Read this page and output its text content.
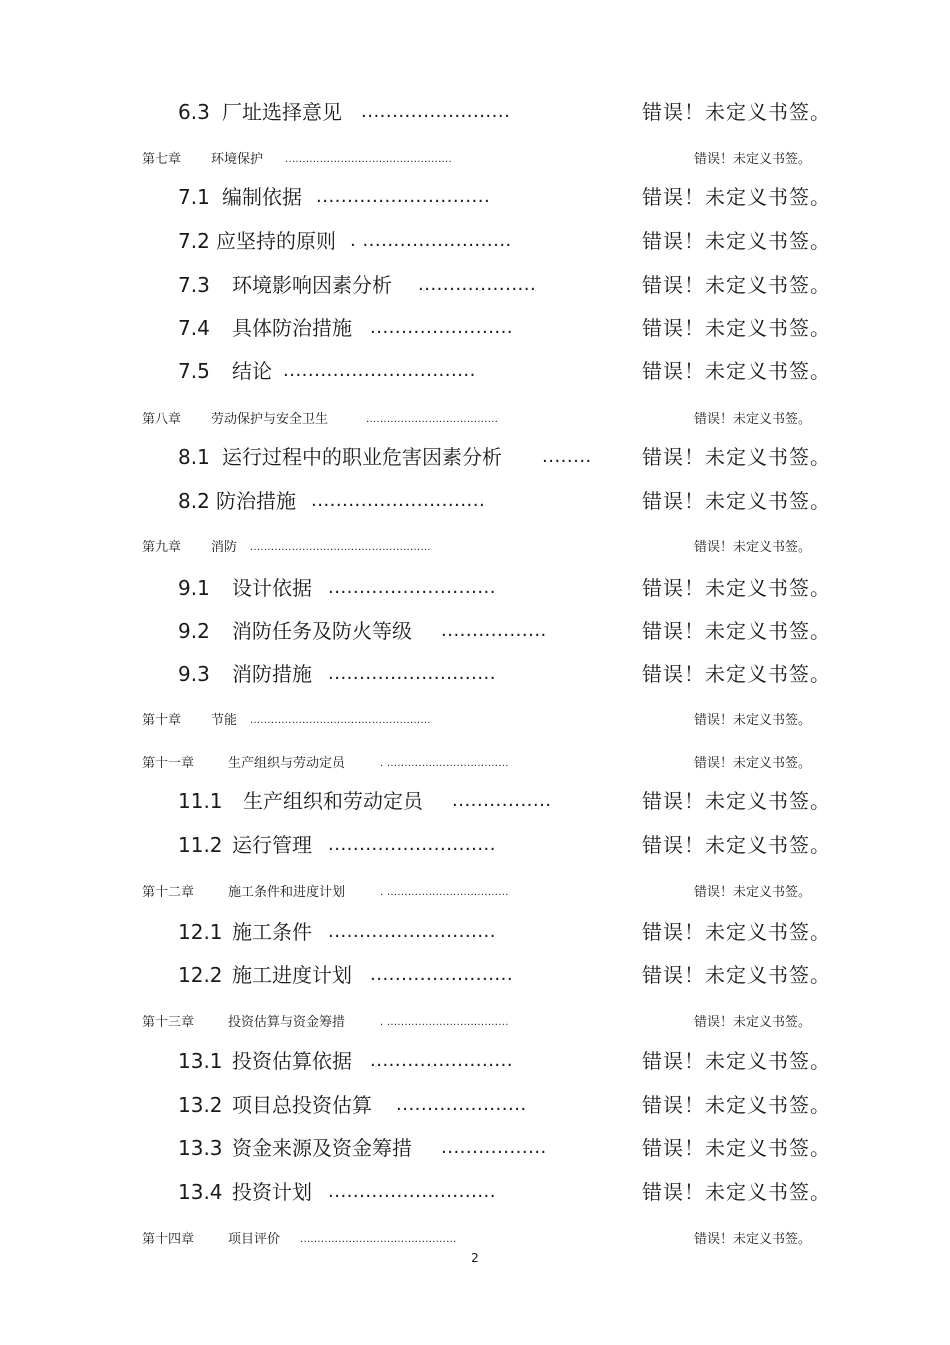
6.3 厂址选择意见 ........................	错误！未定义书签。
第七章 环境保护 ................................................	错误！未定义书签。
7.1 编制依据 ............................	错误！未定义书签。
7.2 应坚持的原则 . ........................	错误！未定义书签。
7.3 环境影响因素分析 ...................	错误！未定义书签。
7.4 具体防治措施 .......................	错误！未定义书签。
7.5 结论 ...............................	错误！未定义书签。
第八章 劳动保护与安全卫生	......................................	错误！未定义书签。
8.1 运行过程中的职业危害因素分析 ........	错误！未定义书签。
8.2 防治措施 ............................	错误！未定义书签。
第九章 消防 ....................................................	错误！未定义书签。
9.1 设计依据 ...........................	错误！未定义书签。
9.2 消防任务及防火等级 .................	错误！未定义书签。
9.3 消防措施 ...........................	错误！未定义书签。
第十章 节能 ....................................................	错误！未定义书签。
第十一章	生产组织与劳动定员	. ...................................	错误！未定义书签。
11.1 生产组织和劳动定员 ................	错误！未定义书签。
11.2 运行管理 ...........................	错误！未定义书签。
第十二章	施工条件和进度计划	. ...................................	错误！未定义书签。
12.1 施工条件 ...........................	错误！未定义书签。
12.2 施工进度计划 .......................	错误！未定义书签。
第十三章	投资估算与资金筹措	. ...................................	错误！未定义书签。
13.1 投资估算依据 .......................	错误！未定义书签。
13.2 项目总投资估算 .....................	错误！未定义书签。
13.3 资金来源及资金筹措 .................	错误！未定义书签。
13.4 投资计划 ...........................	错误！未定义书签。
第十四章	项目评价 .............................................	错误！未定义书签。
2
